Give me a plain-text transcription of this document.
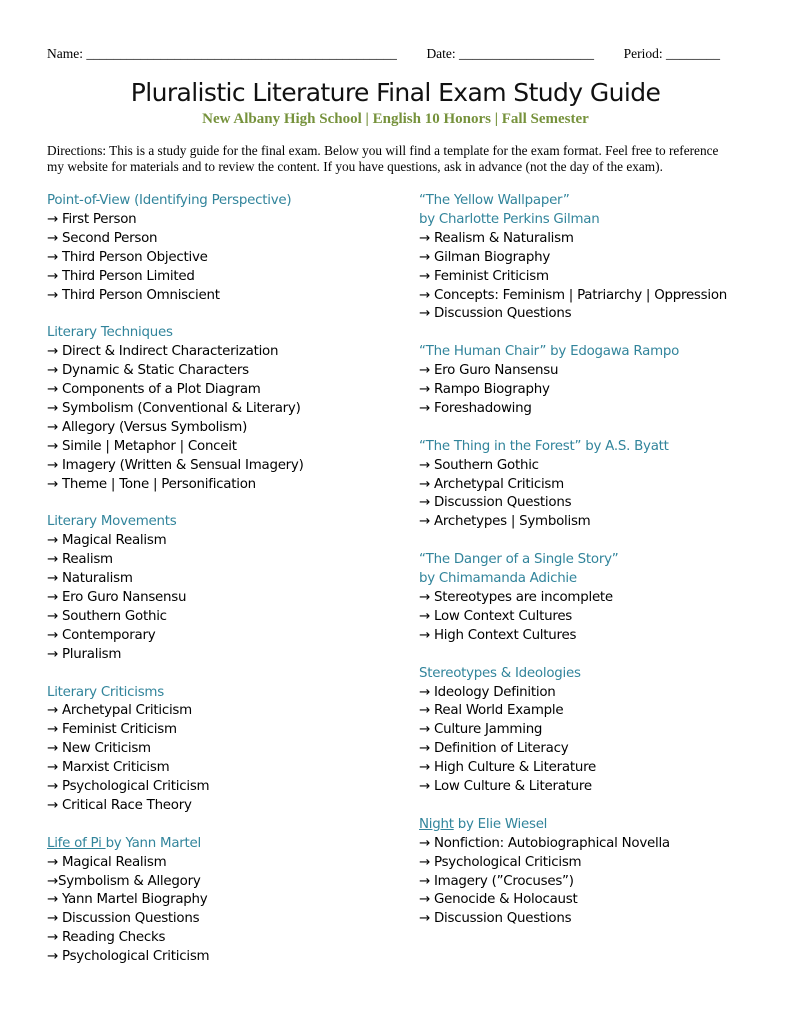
Name: ______________________________________________ Date: ____________________ Period: ________
Pluralistic Literature Final Exam Study Guide
New Albany High School | English 10 Honors | Fall Semester
Directions: This is a study guide for the final exam. Below you will find a template for the exam format. Feel free to reference my website for materials and to review the content. If you have questions, ask in advance (not the day of the exam).
Point-of-View (Identifying Perspective)
→ First Person
→ Second Person
→ Third Person Objective
→ Third Person Limited
→ Third Person Omniscient
Literary Techniques
→ Direct & Indirect Characterization
→ Dynamic & Static Characters
→ Components of a Plot Diagram
→ Symbolism (Conventional & Literary)
→ Allegory (Versus Symbolism)
→ Simile | Metaphor | Conceit
→ Imagery (Written & Sensual Imagery)
→ Theme | Tone | Personification
Literary Movements
→ Magical Realism
→ Realism
→ Naturalism
→ Ero Guro Nansensu
→ Southern Gothic
→ Contemporary
→ Pluralism
Literary Criticisms
→ Archetypal Criticism
→ Feminist Criticism
→ New Criticism
→ Marxist Criticism
→ Psychological Criticism
→ Critical Race Theory
Life of Pi by Yann Martel
→ Magical Realism
→Symbolism & Allegory
→ Yann Martel Biography
→ Discussion Questions
→ Reading Checks
→ Psychological Criticism
“The Yellow Wallpaper”
by Charlotte Perkins Gilman
→ Realism & Naturalism
→ Gilman Biography
→ Feminist Criticism
→ Concepts: Feminism | Patriarchy | Oppression
→ Discussion Questions
“The Human Chair” by Edogawa Rampo
→ Ero Guro Nansensu
→ Rampo Biography
→ Foreshadowing
“The Thing in the Forest” by A.S. Byatt
→ Southern Gothic
→ Archetypal Criticism
→ Discussion Questions
→ Archetypes | Symbolism
“The Danger of a Single Story”
by Chimamanda Adichie
→ Stereotypes are incomplete
→ Low Context Cultures
→ High Context Cultures
Stereotypes & Ideologies
→ Ideology Definition
→ Real World Example
→ Culture Jamming
→ Definition of Literacy
→ High Culture & Literature
→ Low Culture & Literature
Night by Elie Wiesel
→ Nonfiction: Autobiographical Novella
→ Psychological Criticism
→ Imagery (”Crocuses”)
→ Genocide & Holocaust
→ Discussion Questions
